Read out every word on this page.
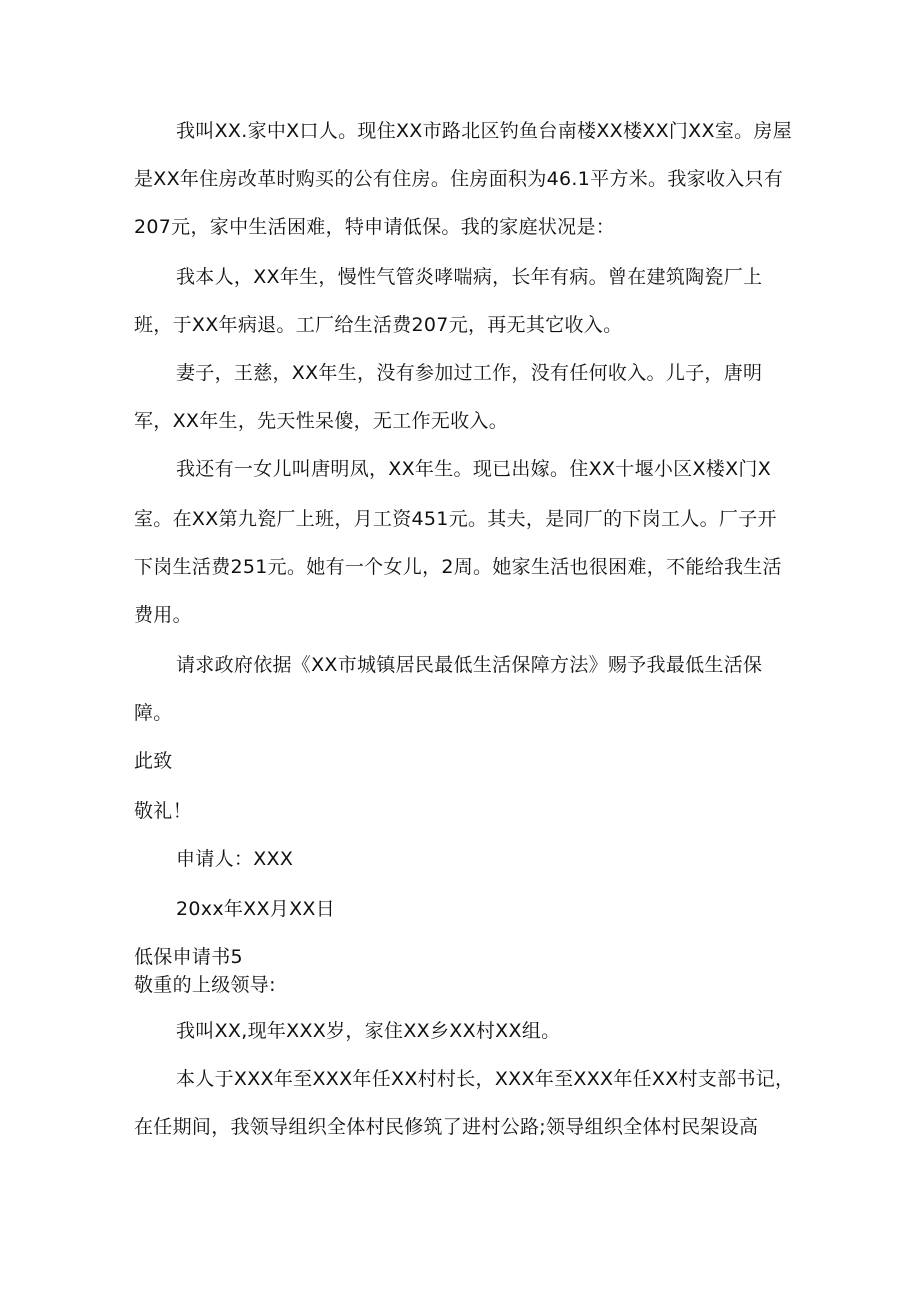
我叫XX.家中X口人。现住XX市路北区钓鱼台南楼XX楼XX门XX室。房屋
是XX年住房改革时购买的公有住房。住房面积为46.1平方米。我家收入只有
207元，家中生活困难，特申请低保。我的家庭状况是：
我本人，XX年生，慢性气管炎哮喘病，长年有病。曾在建筑陶瓷厂上
班，于XX年病退。工厂给生活费207元，再无其它收入。
妻子，王慈，XX年生，没有参加过工作，没有任何收入。儿子，唐明
军，XX年生，先天性呆傻，无工作无收入。
我还有一女儿叫唐明凤，XX年生。现已出嫁。住XX十堰小区X楼X门X
室。在XX第九瓷厂上班，月工资451元。其夫，是同厂的下岗工人。厂子开
下岗生活费251元。她有一个女儿，2周。她家生活也很困难，不能给我生活
费用。
请求政府依据《XX市城镇居民最低生活保障方法》赐予我最低生活保
障。
此致
敬礼！
申请人：XXX
20xx年XX月XX日
低保申请书5
敬重的上级领导:
我叫XX,现年XXX岁，家住XX乡XX村XX组。
本人于XXX年至XXX年任XX村村长，XXX年至XXX年任XX村支部书记，
在任期间，我领导组织全体村民修筑了进村公路;领导组织全体村民架设高
